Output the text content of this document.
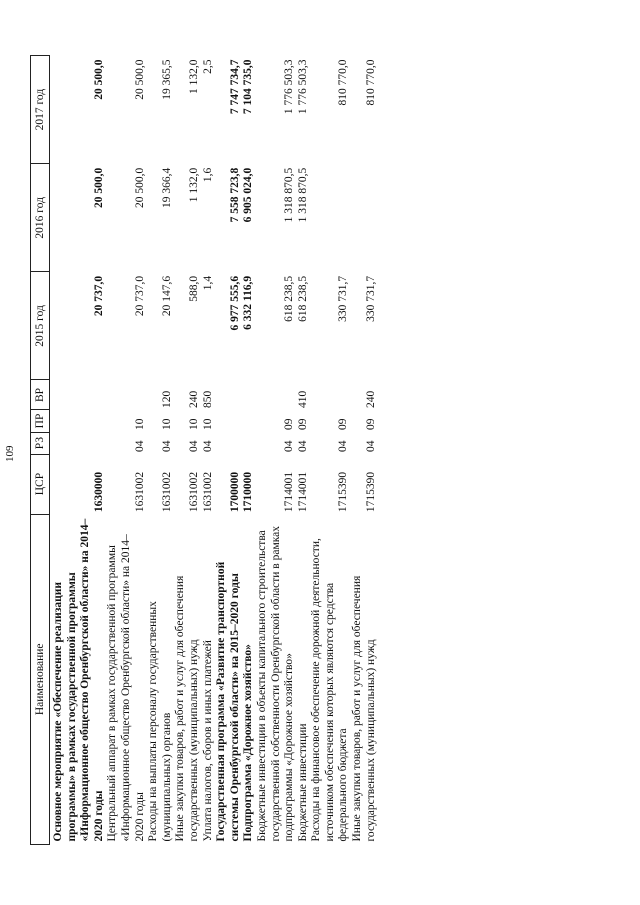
109
Наименование	ЦСР	РЗ	ПР	ВР	2015 год	2016 год	2017 год
Основное мероприятие «Обеспечение реализации программы» в рамках государственной программы «Информационное общество Оренбургской области» на 2014–2020 годы	1630000				20 737,0	20 500,0	20 500,0
Центральный аппарат в рамках государственной программы «Информационное общество Оренбургской области» на 2014–2020 годы	1631002	04	10		20 737,0	20 500,0	20 500,0
Расходы на выплаты персоналу государственных (муниципальных) органов	1631002	04	10	120	20 147,6	19 366,4	19 365,5
Иные закупки товаров, работ и услуг для обеспечения государственных (муниципальных) нужд	1631002	04	10	240	588,0	1 132,0	1 132,0
Уплата налогов, сборов и иных платежей	1631002	04	10	850	1,4	1,6	2,5
Государственная программа «Развитие транспортной системы Оренбургской области» на 2015–2020 годы	1700000				6 977 555,6	7 558 723,8	7 747 734,7
Подпрограмма «Дорожное хозяйство»	1710000				6 332 116,9	6 905 024,0	7 104 735,0
Бюджетные инвестиции в объекты капитального строительства государственной собственности Оренбургской области в рамках подпрограммы «Дорожное хозяйство»	1714001	04	09		618 238,5	1 318 870,5	1 776 503,3
Бюджетные инвестиции	1714001	04	09	410	618 238,5	1 318 870,5	1 776 503,3
Расходы на финансовое обеспечение дорожной деятельности, источником обеспечения которых являются средства федерального бюджета	1715390	04	09		330 731,7		810 770,0
Иные закупки товаров, работ и услуг для обеспечения государственных (муниципальных) нужд	1715390	04	09	240	330 731,7		810 770,0
